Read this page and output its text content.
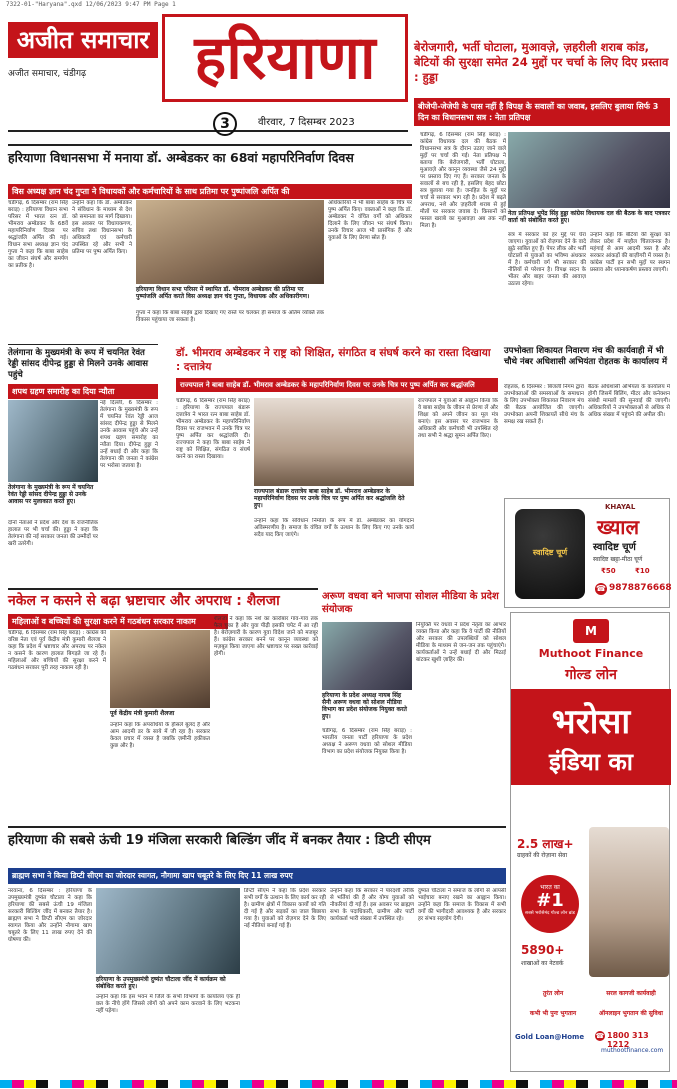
7322-01-"Haryana".qxd 12/06/2023 9:47 PM Page 1
अजीत समाचार हरियाणा
अजीत समाचार, चंडीगढ़
3	वीरवार, 7 दिसम्बर 2023
बेरोजगारी, भर्ती घोटाला, मुआवज़े, ज़हरीली शराब कांड, बेटियों की सुरक्षा समेत 24 मुद्दों पर चर्चा के लिए दिए प्रस्ताव : हुड्डा
बीजेपी-जेजेपी के पास नहीं है विपक्ष के सवालों का जवाब, इसलिए बुलाया सिर्फ 3 दिन का विधानसभा सत्र : नेता प्रतिपक्ष
चंडीगढ़, 6 दिसम्बर (राम सिंह बराड़) : कांग्रेस विधायक दल की बैठक में विधानसभा सत्र के दौरान उठाए जाने वाले मुद्दों पर चर्चा की गई। नेता प्रतिपक्ष ने बताया कि बेरोजगारी, भर्ती घोटाला, मुआवज़े और कानून व्यवस्था जैसे 24 मुद्दों पर प्रस्ताव दिए गए हैं। सरकार जनता के सवालों से बच रही है, इसलिए बेहद छोटा सत्र बुलाया गया है। जनहित के मुद्दों पर चर्चा से सरकार भाग रही है। प्रदेश में बढ़ते अपराध, नशे और ज़हरीली शराब से हुई मौतों पर सरकार जवाब दे। किसानों को फसल खराबे का मुआवज़ा अब तक नहीं मिला है।
नेता प्रतिपक्ष भूपेंद्र सिंह हुड्डा कांग्रेस विधायक दल की बैठक के बाद पत्रकार वार्ता को संबोधित करते हुए।
सत्र में सरकार को हर मुद्दे पर घेरा जाएगा। युवाओं को रोज़गार देने के वादे झूठे साबित हुए हैं। पेपर लीक और भर्ती घोटालों से युवाओं का भविष्य अंधकार में है। कर्मचारी वर्ग भी सरकार की नीतियों से परेशान है। विपक्ष सदन के भीतर और बाहर जनता की आवाज़ उठाता रहेगा।
उन्होंने कहा कि बेटियों की सुरक्षा को लेकर प्रदेश में माहौल चिंताजनक है। महंगाई से आम आदमी त्रस्त है और सरकार आंकड़ों की बाज़ीगरी में व्यस्त है। कांग्रेस पार्टी इन सभी मुद्दों पर स्थगन प्रस्ताव और ध्यानाकर्षण प्रस्ताव लाएगी।
हरियाणा विधानसभा में मनाया डॉ. अम्बेडकर का 68वां महापरिनिर्वाण दिवस
विस अध्यक्ष ज्ञान चंद गुप्ता ने विधायकों और कर्मचारियों के साथ प्रतिमा पर पुष्पांजलि अर्पित की
चंडीगढ़, 6 दिसम्बर (राम सिंह बराड़) : हरियाणा विधान सभा परिसर में भारत रत्न डॉ. भीमराव अम्बेडकर के 68वें महापरिनिर्वाण दिवस पर श्रद्धांजलि अर्पित की गई। विधान सभा अध्यक्ष ज्ञान चंद गुप्ता ने कहा कि बाबा साहेब का जीवन संघर्ष और समर्पण का प्रतीक है।
उन्होंने कहा कि डॉ. अम्बेडकर ने संविधान के माध्यम से देश को समानता का मार्ग दिखाया। इस अवसर पर विधायकगण, सचिव तथा विधानसभा के अधिकारी एवं कर्मचारी उपस्थित रहे और सभी ने प्रतिमा पर पुष्प अर्पित किए।
हरियाणा विधान सभा परिसर में स्थापित डॉ. भीमराव अम्बेडकर की प्रतिमा पर पुष्पांजलि अर्पित करते विस अध्यक्ष ज्ञान चंद गुप्ता, विधायक और अधिकारीगण।
गुप्ता ने कहा कि बाबा साहेब द्वारा दिखाए गए रास्ते पर चलकर ही समाज के अंतिम व्यक्ति तक विकास पहुंचाया जा सकता है।
अधिकारियों ने भी बाबा साहेब के चित्र पर पुष्प अर्पित किए। वक्ताओं ने कहा कि डॉ. अम्बेडकर ने वंचित वर्गों को अधिकार दिलाने के लिए जीवन भर संघर्ष किया। उनके विचार आज भी प्रासंगिक हैं और युवाओं के लिए प्रेरणा स्रोत हैं।
तेलंगाना के मुख्यमंत्री के रूप में चयनित रेवंत रेड्डी सांसद दीपेन्द्र हुड्डा से मिलने उनके आवास पहुंचे
शपथ ग्रहण समारोह का दिया न्यौता
तेलंगाना के मुख्यमंत्री के रूप में चयनित रेवंत रेड्डी सांसद दीपेन्द्र हुड्डा से उनके आवास पर मुलाकात करते हुए।
नई दिल्ली, 6 दिसम्बर : तेलंगाना के मुख्यमंत्री के रूप में चयनित रेवंत रेड्डी आज सांसद दीपेन्द्र हुड्डा से मिलने उनके आवास पहुंचे और उन्हें शपथ ग्रहण समारोह का न्यौता दिया। दीपेन्द्र हुड्डा ने उन्हें बधाई दी और कहा कि तेलंगाना की जनता ने कांग्रेस पर भरोसा जताया है।
दोनों नेताओं ने प्रदेश और देश के राजनीतिक हालात पर भी चर्चा की। हुड्डा ने कहा कि तेलंगाना की नई सरकार जनता की उम्मीदों पर खरी उतरेगी।
डॉ. भीमराव अम्बेडकर ने राष्ट्र को शिक्षित, संगठित व संघर्ष करने का रास्ता दिखाया : दत्तात्रेय
राज्यपाल ने बाबा साहेब डॉ. भीमराव अम्बेडकर के महापरिनिर्वाण दिवस पर उनके चित्र पर पुष्प अर्पित कर श्रद्धांजलि
चंडीगढ़, 6 दिसम्बर (राम सिंह बराड़) : हरियाणा के राज्यपाल बंडारू दत्तात्रेय ने भारत रत्न बाबा साहेब डॉ. भीमराव अम्बेडकर के महापरिनिर्वाण दिवस पर राजभवन में उनके चित्र पर पुष्प अर्पित कर श्रद्धांजलि दी। राज्यपाल ने कहा कि बाबा साहेब ने राष्ट्र को शिक्षित, संगठित व संघर्ष करने का रास्ता दिखाया।
राज्यपाल बंडारू दत्तात्रेय बाबा साहेब डॉ. भीमराव अम्बेडकर के महापरिनिर्वाण दिवस पर उनके चित्र पर पुष्प अर्पित कर श्रद्धांजलि देते हुए।
उन्होंने कहा कि संविधान निर्माता के रूप में डॉ. अम्बेडकर का योगदान अविस्मरणीय है। समाज के वंचित वर्गों के उत्थान के लिए किए गए उनके कार्य सदैव याद किए जाएंगे।
राज्यपाल ने युवाओं से आह्वान किया कि वे बाबा साहेब के जीवन से प्रेरणा लें और शिक्षा को अपने जीवन का मूल मंत्र बनाएं। इस अवसर पर राजभवन के अधिकारी और कर्मचारी भी उपस्थित रहे तथा सभी ने श्रद्धा सुमन अर्पित किए।
उपभोक्ता शिकायत निवारण मंच की कार्यवाही में भी चौथे नंबर अधिशासी अभियंता रोहतक के कार्यालय में
रोहतक, 6 दिसम्बर : बिजली निगम द्वारा उपभोक्ताओं की समस्याओं के समाधान के लिए उपभोक्ता शिकायत निवारण मंच की बैठक आयोजित की जाएगी। उपभोक्ता अपनी शिकायतें सीधे मंच के समक्ष रख सकते हैं।
बैठक अधिशासी अभियंता के कार्यालय में होगी जिसमें बिलिंग, मीटर और कनेक्शन संबंधी मामलों की सुनवाई की जाएगी। अधिकारियों ने उपभोक्ताओं से अधिक से अधिक संख्या में पहुंचने की अपील की।
KHAYAL
ख्याल
स्वादिष्ट चूर्ण
स्वादिष्ट खट्टा-मीठा चूर्ण
₹50	₹10
☎ 9878876668
स्वादिष्ट चूर्ण
नकेल न कसने से बढ़ा भ्रष्टाचार और अपराध : शैलजा
महिलाओं व बच्चियों की सुरक्षा करने में गठबंधन सरकार नाकाम
चंडीगढ़, 6 दिसम्बर (राम सिंह बराड़) : कांग्रेस की वरिष्ठ नेता एवं पूर्व केंद्रीय मंत्री कुमारी शैलजा ने कहा कि प्रदेश में भ्रष्टाचार और अपराध पर नकेल न कसने के कारण हालात बिगड़ते जा रहे हैं। महिलाओं और बच्चियों की सुरक्षा करने में गठबंधन सरकार पूरी तरह नाकाम रही है।
पूर्व केंद्रीय मंत्री कुमारी शैलजा
उन्होंने कहा कि अपराधियों के हौसले बुलंद हैं और आम आदमी डर के साये में जी रहा है। सरकार केवल प्रचार में व्यस्त है जबकि ज़मीनी हकीकत कुछ और है।
शैलजा ने कहा कि नशे का कारोबार गांव-गांव तक फैल चुका है और युवा पीढ़ी इसकी चपेट में आ रही है। बेरोज़गारी के कारण युवा विदेश जाने को मजबूर हैं। कांग्रेस सरकार बनने पर कानून व्यवस्था को मज़बूत किया जाएगा और भ्रष्टाचार पर सख्त कार्रवाई होगी।
अरूण वधवा बने भाजपा सोशल मीडिया के प्रदेश संयोजक
हरियाणा के प्रदेश अध्यक्ष नायब सिंह सैनी अरूण वधवा को सोशल मीडिया विभाग का प्रदेश संयोजक नियुक्त करते हुए।
चंडीगढ़, 6 दिसम्बर (राम सिंह बराड़) : भारतीय जनता पार्टी हरियाणा के प्रदेश अध्यक्ष ने अरूण वधवा को सोशल मीडिया विभाग का प्रदेश संयोजक नियुक्त किया है।
नियुक्ति पर वधवा ने प्रदेश नेतृत्व का आभार व्यक्त किया और कहा कि वे पार्टी की नीतियों और सरकार की उपलब्धियों को सोशल मीडिया के माध्यम से जन-जन तक पहुंचाएंगे। कार्यकर्ताओं ने उन्हें बधाई दी और मिठाई बांटकर खुशी ज़ाहिर की।
M
Muthoot Finance
गोल्ड लोन
भरोसा
इंडिया का
2.5 लाख+
ग्राहकों की रोज़ाना सेवा
भारत का
#1
सबसे भरोसेमंद गोल्ड लोन ब्रांड
5890+
शाखाओं का नेटवर्क
तुरंत लोन	सरल कागजी कार्यवाही
कभी भी पुनः भुगतान	ऑनलाइन भुगतान की सुविधा
Gold Loan@Home	☎ 1800 313 1212
muthootfinance.com
हरियाणा की सबसे ऊंची 19 मंजिला सरकारी बिल्डिंग जींद में बनकर तैयार : डिप्टी सीएम
ब्राह्मण सभा ने किया डिप्टी सीएम का जोरदार स्वागत, नौगामा खाप चबूतरे के लिए दिए 11 लाख रुपए
नरवाना, 6 दिसम्बर : हरियाणा के उपमुख्यमंत्री दुष्यंत चौटाला ने कहा कि हरियाणा की सबसे ऊंची 19 मंजिला सरकारी बिल्डिंग जींद में बनकर तैयार है। ब्राह्मण सभा ने डिप्टी सीएम का जोरदार स्वागत किया और उन्होंने नौगामा खाप चबूतरे के लिए 11 लाख रुपए देने की घोषणा की।
हरियाणा के उपमुख्यमंत्री दुष्यंत चौटाला जींद में कार्यक्रम को संबोधित करते हुए।
उन्होंने कहा कि इस भवन में जिले के सभी विभागों के कार्यालय एक ही छत के नीचे होंगे जिससे लोगों को अपने काम करवाने के लिए भटकना नहीं पड़ेगा।
डिप्टी सीएम ने कहा कि प्रदेश सरकार सभी वर्गों के उत्थान के लिए कार्य कर रही है। ग्रामीण क्षेत्रों में विकास कार्यों को गति दी गई है और सड़कों का जाल बिछाया गया है। युवाओं को रोज़गार देने के लिए नई नीतियां बनाई गई हैं।
उन्होंने कहा कि सरकार ने पारदर्शी तरीके से भर्तियां की हैं और योग्य युवाओं को नौकरियां दी गई हैं। इस अवसर पर ब्राह्मण सभा के पदाधिकारी, ग्रामीण और पार्टी कार्यकर्ता भारी संख्या में उपस्थित रहे।
दुष्यंत चौटाला ने समाज के लोगों से आपसी भाईचारा बनाए रखने का आह्वान किया। उन्होंने कहा कि समाज के विकास में सभी वर्गों की भागीदारी आवश्यक है और सरकार हर संभव सहयोग देगी।
